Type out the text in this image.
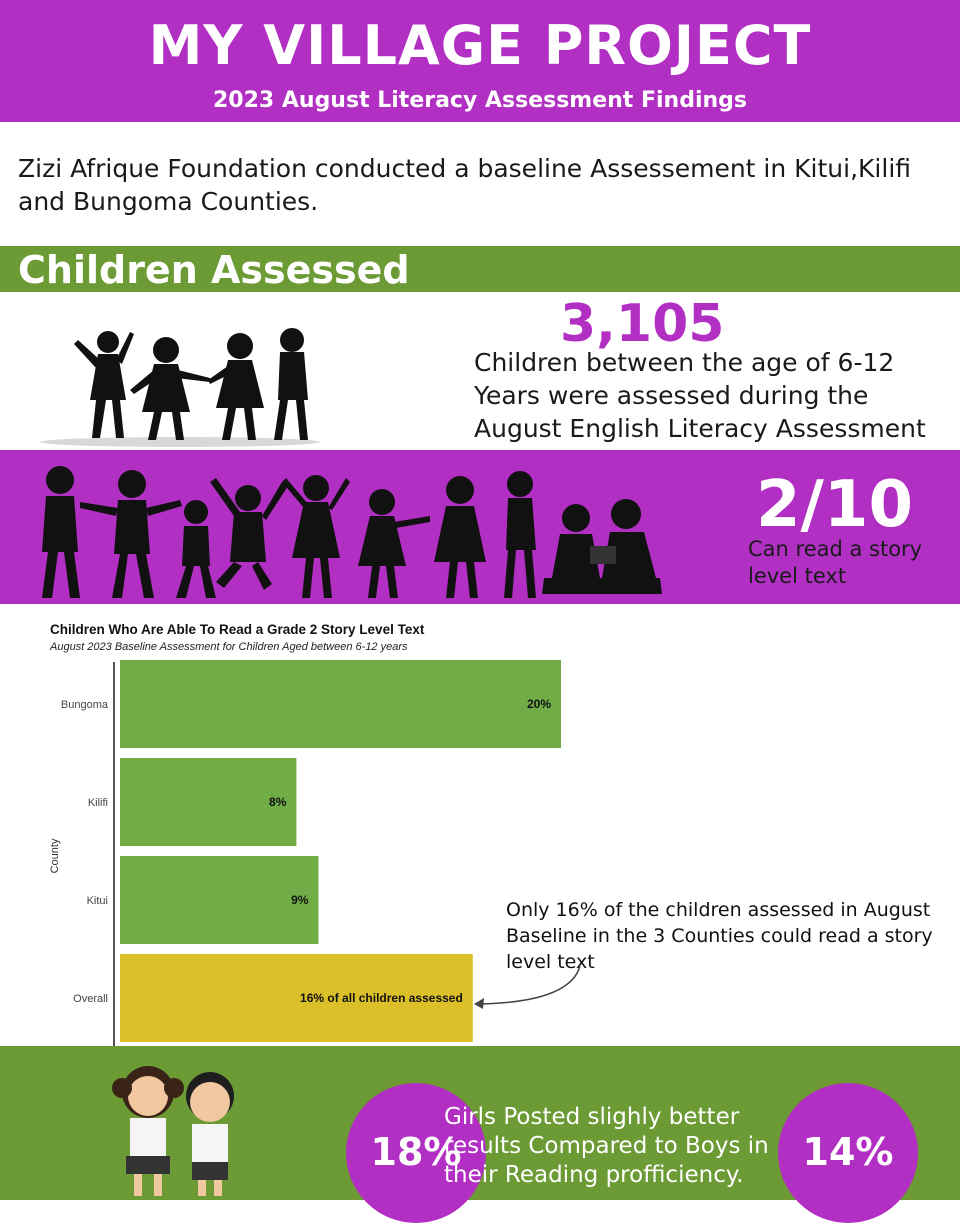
MY VILLAGE PROJECT
2023 August Literacy Assessment Findings
Zizi Afrique Foundation conducted a baseline Assessement in Kitui,Kilifi and Bungoma Counties.
Children Assessed
3,105
Children between the age of 6-12 Years were assessed during the August English Literacy Assessment
2/10
Can read a story level text
Children Who Are Able To Read a Grade 2 Story Level Text
August 2023 Baseline Assessment for Children Aged between 6-12 years
County
Bungoma	20%
Kilifi	8%
Kitui	9%
Overall	16% of all children assessed
Only 16% of the children assessed in August Baseline in the 3 Counties could read a story level text
18%
Girls Posted slighly better results Compared to Boys in their Reading profficiency.
14%
